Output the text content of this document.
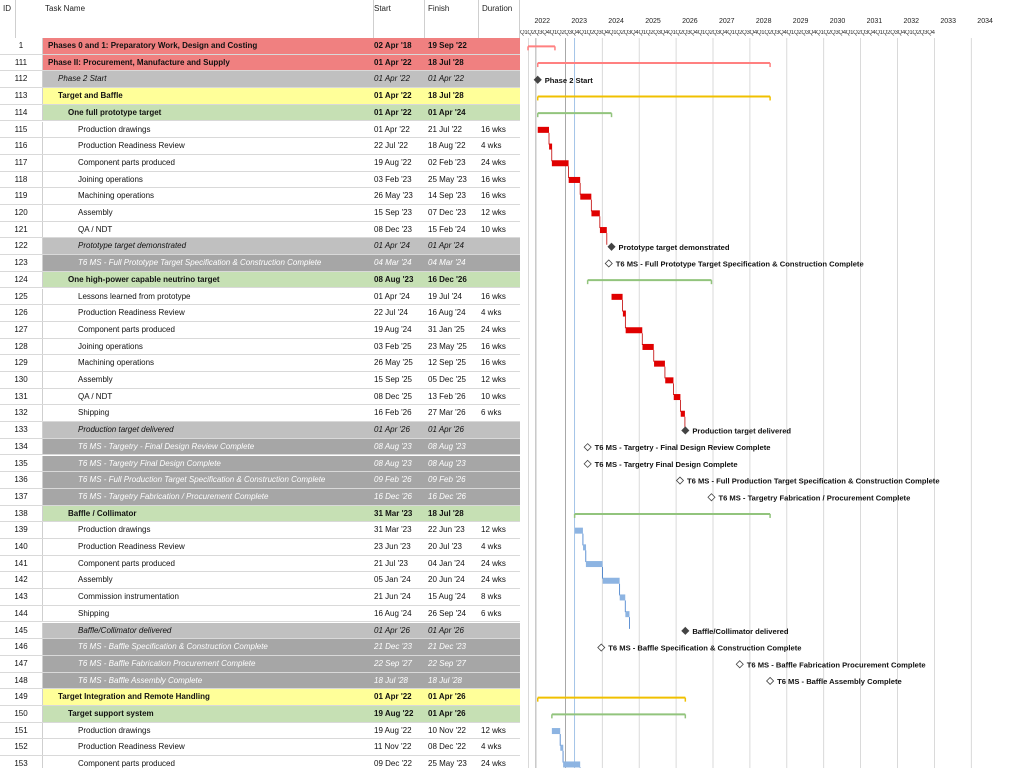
ID	Task Name	Start	Finish	Duration
2022	2023	2024	2025	2026	2027	2028	2029	2030	2031	2032	2033	2034
Q1Q2Q3Q4Q1Q2Q3Q4Q1Q2Q3Q4Q1Q2Q3Q4Q1Q2Q3Q4Q1Q2Q3Q4Q1Q2Q3Q4Q1Q2Q3Q4Q1Q2Q3Q4Q1Q2Q3Q4Q1Q2Q3Q4Q1Q2Q3Q4Q1Q2Q3Q4Q1Q2Q3Q4
1	Phases 0 and 1: Preparatory Work, Design and Costing	02 Apr '18	19 Sep '22
111	Phase II: Procurement, Manufacture and Supply	01 Apr '22	18 Jul '28
112	Phase 2 Start	01 Apr '22	01 Apr '22
113	Target and Baffle	01 Apr '22	18 Jul '28
114	One full prototype target	01 Apr '22	01 Apr '24
115	Production drawings	01 Apr '22	21 Jul '22	16 wks
116	Production Readiness Review	22 Jul '22	18 Aug '22	4 wks
117	Component parts produced	19 Aug '22	02 Feb '23	24 wks
118	Joining operations	03 Feb '23	25 May '23	16 wks
119	Machining operations	26 May '23	14 Sep '23	16 wks
120	Assembly	15 Sep '23	07 Dec '23	12 wks
121	QA / NDT	08 Dec '23	15 Feb '24	10 wks
122	Prototype target demonstrated	01 Apr '24	01 Apr '24
123	T6 MS - Full Prototype Target Specification & Construction Complete	04 Mar '24	04 Mar '24
124	One high-power capable neutrino target	08 Aug '23	16 Dec '26
125	Lessons learned from prototype	01 Apr '24	19 Jul '24	16 wks
126	Production Readiness Review	22 Jul '24	16 Aug '24	4 wks
127	Component parts produced	19 Aug '24	31 Jan '25	24 wks
128	Joining operations	03 Feb '25	23 May '25	16 wks
129	Machining operations	26 May '25	12 Sep '25	16 wks
130	Assembly	15 Sep '25	05 Dec '25	12 wks
131	QA / NDT	08 Dec '25	13 Feb '26	10 wks
132	Shipping	16 Feb '26	27 Mar '26	6 wks
133	Production target delivered	01 Apr '26	01 Apr '26
134	T6 MS - Targetry - Final Design Review Complete	08 Aug '23	08 Aug '23
135	T6 MS - Targetry Final Design Complete	08 Aug '23	08 Aug '23
136	T6 MS - Full Production Target Specification & Construction Complete	09 Feb '26	09 Feb '26
137	T6 MS - Targetry Fabrication / Procurement Complete	16 Dec '26	16 Dec '26
138	Baffle / Collimator	31 Mar '23	18 Jul '28
139	Production drawings	31 Mar '23	22 Jun '23	12 wks
140	Production Readiness Review	23 Jun '23	20 Jul '23	4 wks
141	Component parts produced	21 Jul '23	04 Jan '24	24 wks
142	Assembly	05 Jan '24	20 Jun '24	24 wks
143	Commission instrumentation	21 Jun '24	15 Aug '24	8 wks
144	Shipping	16 Aug '24	26 Sep '24	6 wks
145	Baffle/Collimator delivered	01 Apr '26	01 Apr '26
146	T6 MS - Baffle Specification & Construction Complete	21 Dec '23	21 Dec '23
147	T6 MS - Baffle Fabrication Procurement Complete	22 Sep '27	22 Sep '27
148	T6 MS - Baffle Assembly Complete	18 Jul '28	18 Jul '28
149	Target Integration and Remote Handling	01 Apr '22	01 Apr '26
150	Target support system	19 Aug '22	01 Apr '26
151	Production drawings	19 Aug '22	10 Nov '22	12 wks
152	Production Readiness Review	11 Nov '22	08 Dec '22	4 wks
153	Component parts produced	09 Dec '22	25 May '23	24 wks
Phase 2 Start
Prototype target demonstrated
T6 MS - Full Prototype Target Specification & Construction Complete
Production target delivered
T6 MS - Targetry - Final Design Review Complete
T6 MS - Targetry Final Design Complete
T6 MS - Full Production Target Specification & Construction Complete
T6 MS - Targetry Fabrication / Procurement Complete
Baffle/Collimator delivered
T6 MS - Baffle Specification & Construction Complete
T6 MS - Baffle Fabrication Procurement Complete
T6 MS - Baffle Assembly Complete
